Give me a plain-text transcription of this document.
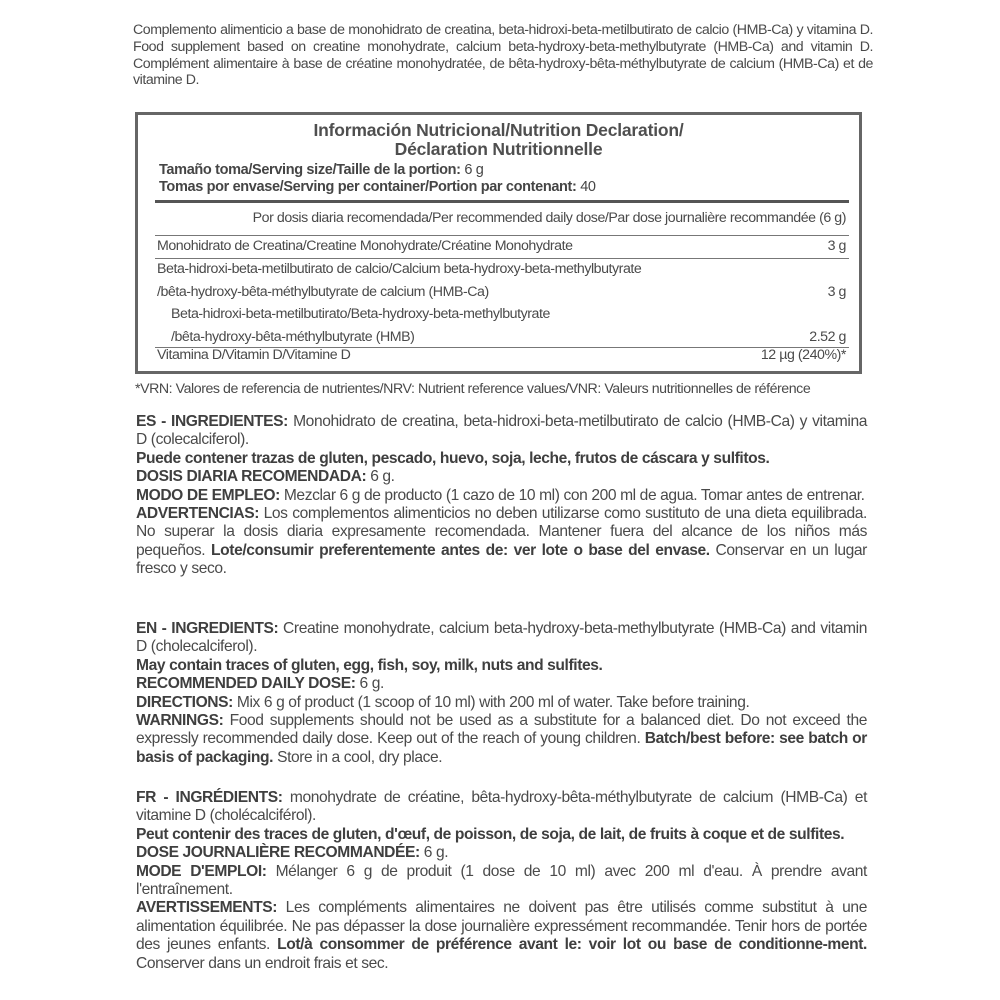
Complemento alimenticio a base de monohidrato de creatina, beta-hidroxi-beta-metilbutirato de calcio (HMB-Ca) y vitamina D. Food supplement based on creatine monohydrate, calcium beta-hydroxy-beta-methylbutyrate (HMB-Ca) and vitamin D. Complément alimentaire à base de créatine monohydratée, de bêta-hydroxy-bêta-méthylbutyrate de calcium (HMB-Ca) et de vitamine D.
Información Nutricional/Nutrition Declaration/
Déclaration Nutritionnelle
Tamaño toma/Serving size/Taille de la portion: 6 g
Tomas por envase/Serving per container/Portion par contenant: 40
Por dosis diaria recomendada/Per recommended daily dose/Par dose journalière recommandée (6 g)
Monohidrato de Creatina/Creatine Monohydrate/Créatine Monohydrate	3 g
Beta-hidroxi-beta-metilbutirato de calcio/Calcium beta-hydroxy-beta-methylbutyrate
/bêta-hydroxy-bêta-méthylbutyrate de calcium (HMB-Ca)	3 g
Beta-hidroxi-beta-metilbutirato/Beta-hydroxy-beta-methylbutyrate
/bêta-hydroxy-bêta-méthylbutyrate (HMB)	2.52 g
Vitamina D/Vitamin D/Vitamine D	12 µg (240%)*
*VRN: Valores de referencia de nutrientes/NRV: Nutrient reference values/VNR: Valeurs nutritionnelles de référence

ES - INGREDIENTES: Monohidrato de creatina, beta-hidroxi-beta-metilbutirato de calcio (HMB-Ca) y vitamina D (colecalciferol).

Puede contener trazas de gluten, pescado, huevo, soja, leche, frutos de cáscara y sulfitos.

DOSIS DIARIA RECOMENDADA: 6 g.

MODO DE EMPLEO: Mezclar 6 g de producto (1 cazo de 10 ml) con 200 ml de agua. Tomar antes de entrenar.

ADVERTENCIAS: Los complementos alimenticios no deben utilizarse como sustituto de una dieta equilibrada. No superar la dosis diaria expresamente recomendada. Mantener fuera del alcance de los niños más pequeños. Lote/consumir preferentemente antes de: ver lote o base del envase. Conservar en un lugar fresco y seco.

EN - INGREDIENTS: Creatine monohydrate, calcium beta-hydroxy-beta-methylbutyrate (HMB-Ca) and vitamin D (cholecalciferol).

May contain traces of gluten, egg, fish, soy, milk, nuts and sulfites.

RECOMMENDED DAILY DOSE: 6 g.

DIRECTIONS: Mix 6 g of product (1 scoop of 10 ml) with 200 ml of water. Take before training.

WARNINGS: Food supplements should not be used as a substitute for a balanced diet. Do not exceed the expressly recommended daily dose. Keep out of the reach of young children. Batch/best before: see batch or basis of packaging. Store in a cool, dry place.

FR - INGRÉDIENTS: monohydrate de créatine, bêta-hydroxy-bêta-méthylbutyrate de calcium (HMB-Ca) et vitamine D (cholécalciférol).

Peut contenir des traces de gluten, d'œuf, de poisson, de soja, de lait, de fruits à coque et de sulfites.

DOSE JOURNALIÈRE RECOMMANDÉE: 6 g.

MODE D'EMPLOI: Mélanger 6 g de produit (1 dose de 10 ml) avec 200 ml d'eau. À prendre avant l'entraînement.

AVERTISSEMENTS: Les compléments alimentaires ne doivent pas être utilisés comme substitut à une alimentation équilibrée. Ne pas dépasser la dose journalière expressément recommandée. Tenir hors de portée des jeunes enfants. Lot/à consommer de préférence avant le: voir lot ou base de conditionne-ment. Conserver dans un endroit frais et sec.
